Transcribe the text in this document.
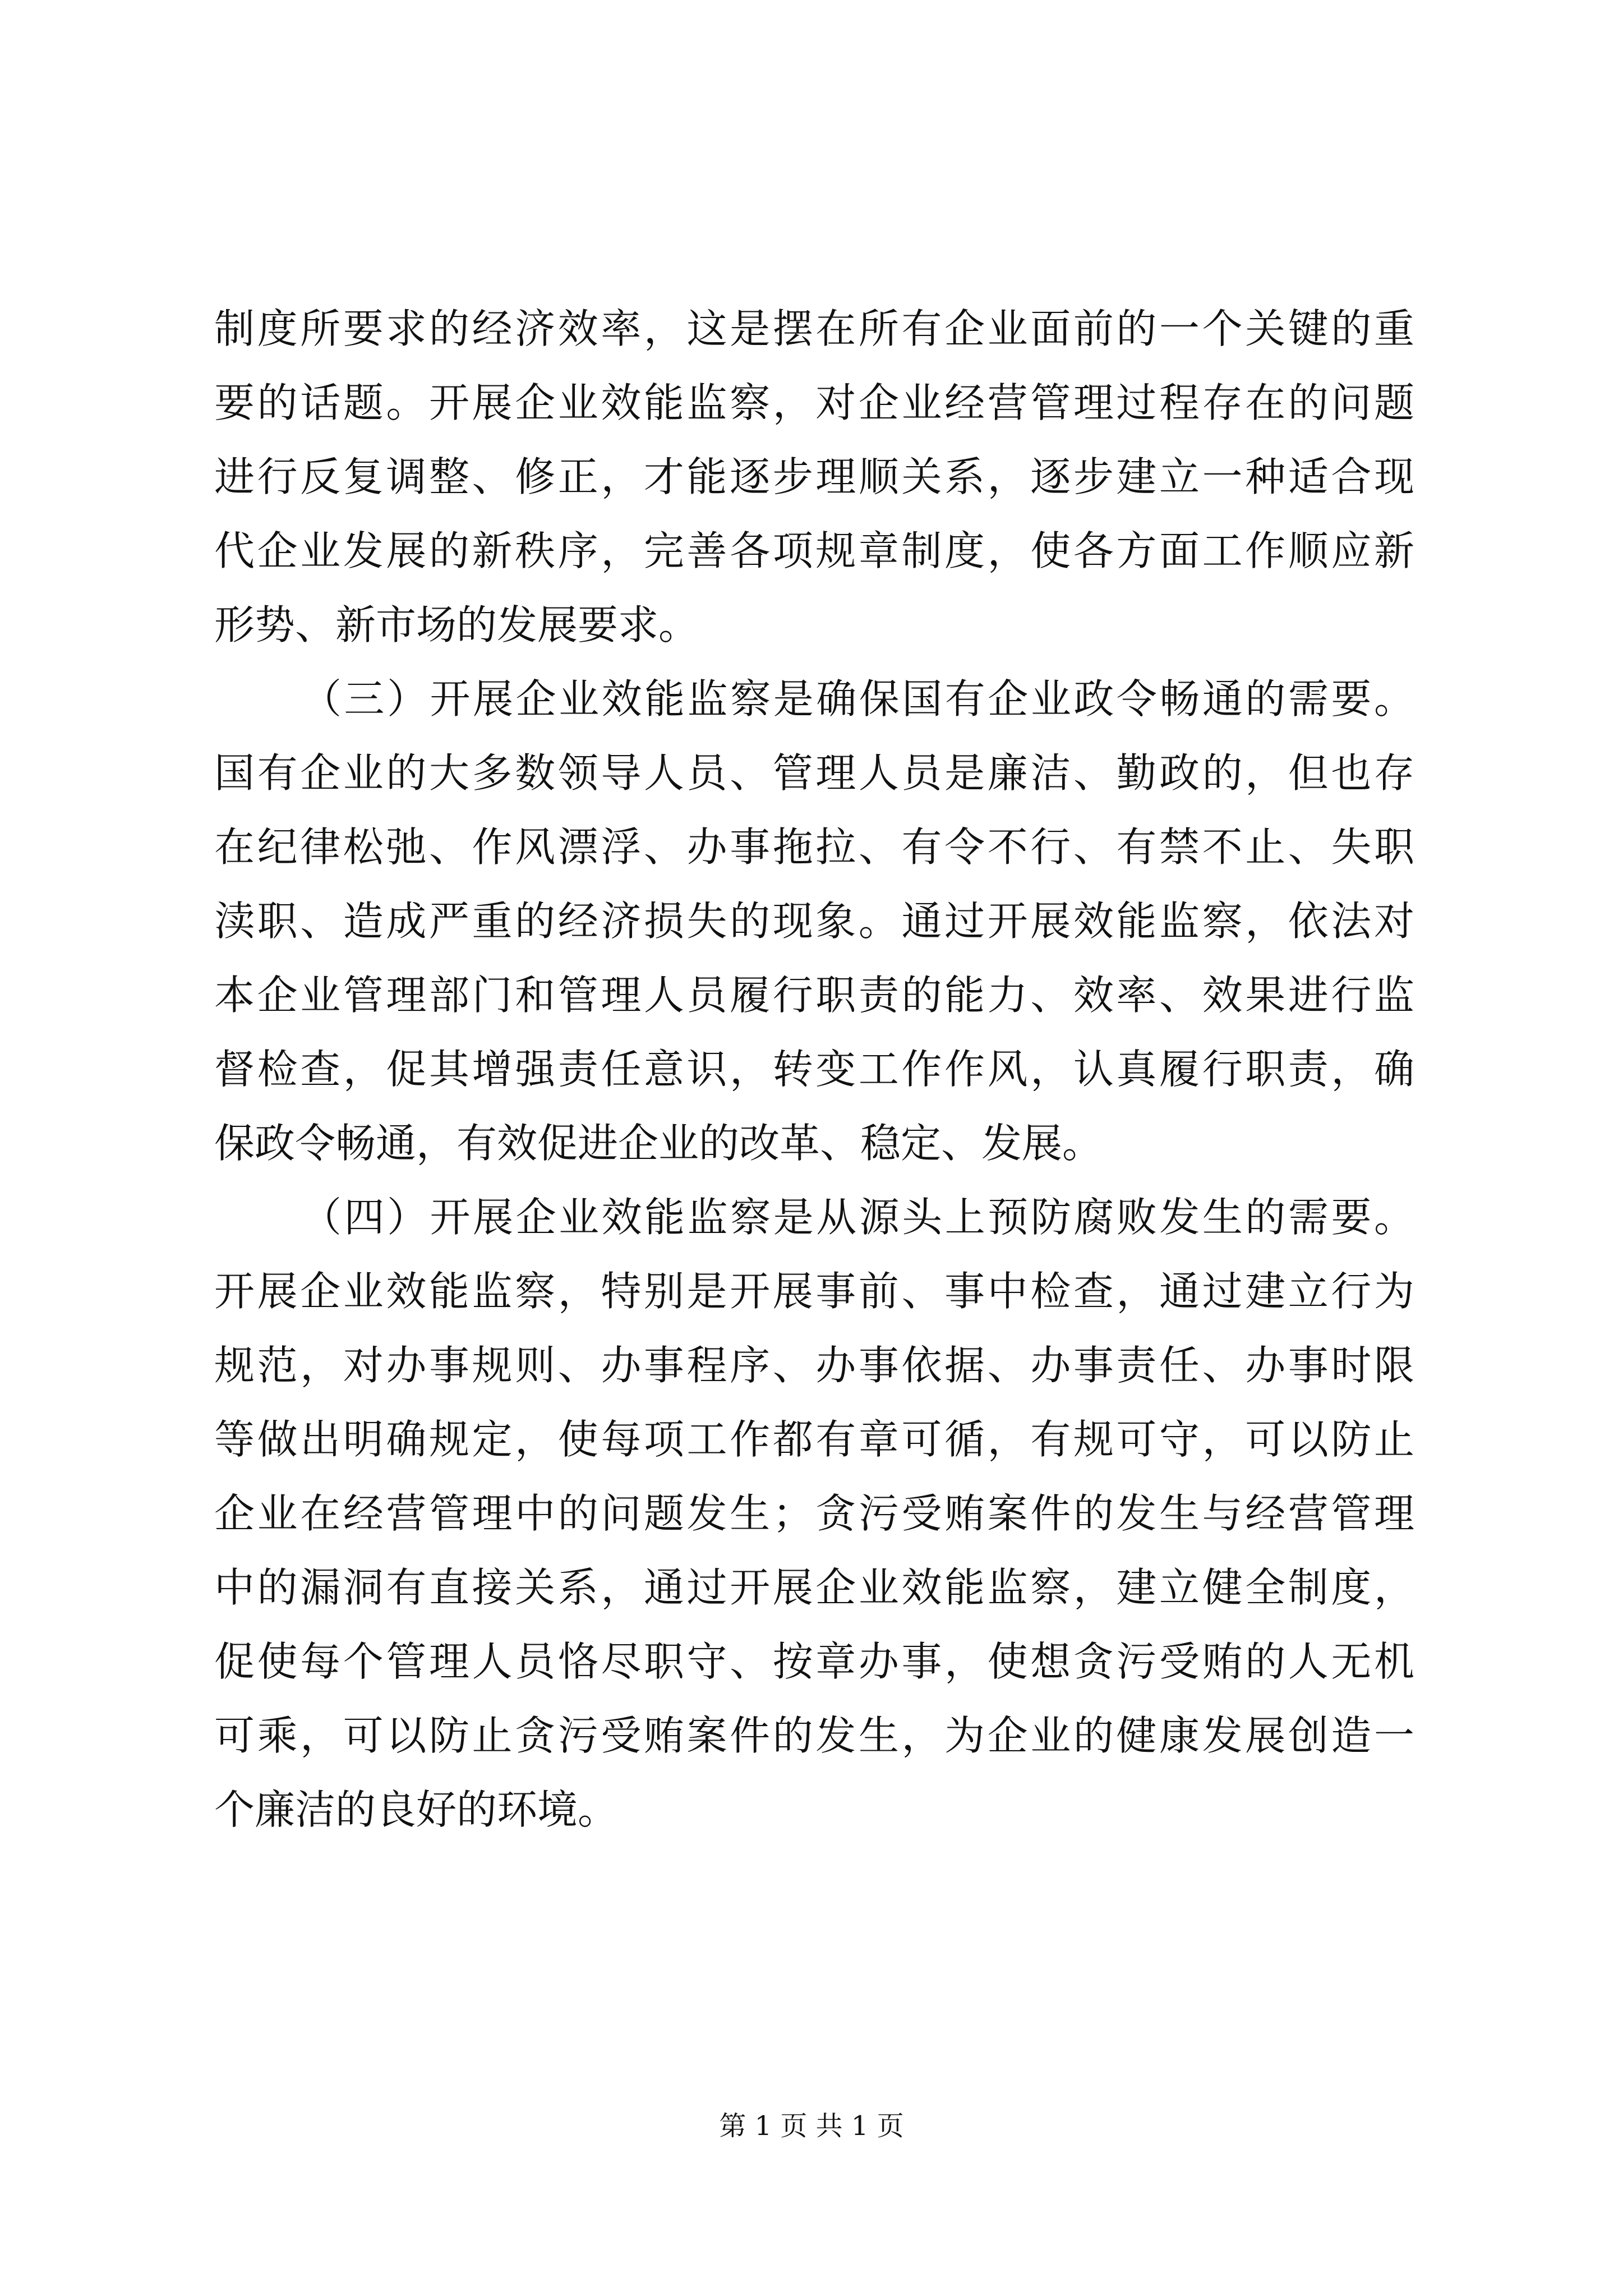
制度所要求的经济效率，这是摆在所有企业面前的一个关键的重
要的话题。开展企业效能监察，对企业经营管理过程存在的问题
进行反复调整、修正，才能逐步理顺关系，逐步建立一种适合现
代企业发展的新秩序，完善各项规章制度，使各方面工作顺应新
形势、新市场的发展要求。
（三）开展企业效能监察是确保国有企业政令畅通的需要。
国有企业的大多数领导人员、管理人员是廉洁、勤政的，但也存
在纪律松弛、作风漂浮、办事拖拉、有令不行、有禁不止、失职
渎职、造成严重的经济损失的现象。通过开展效能监察，依法对
本企业管理部门和管理人员履行职责的能力、效率、效果进行监
督检查，促其增强责任意识，转变工作作风，认真履行职责，确
保政令畅通，有效促进企业的改革、稳定、发展。
（四）开展企业效能监察是从源头上预防腐败发生的需要。
开展企业效能监察，特别是开展事前、事中检查，通过建立行为
规范，对办事规则、办事程序、办事依据、办事责任、办事时限
等做出明确规定，使每项工作都有章可循，有规可守，可以防止
企业在经营管理中的问题发生；贪污受贿案件的发生与经营管理
中的漏洞有直接关系，通过开展企业效能监察，建立健全制度，
促使每个管理人员恪尽职守、按章办事，使想贪污受贿的人无机
可乘，可以防止贪污受贿案件的发生，为企业的健康发展创造一
个廉洁的良好的环境。
第 1 页 共 1 页
